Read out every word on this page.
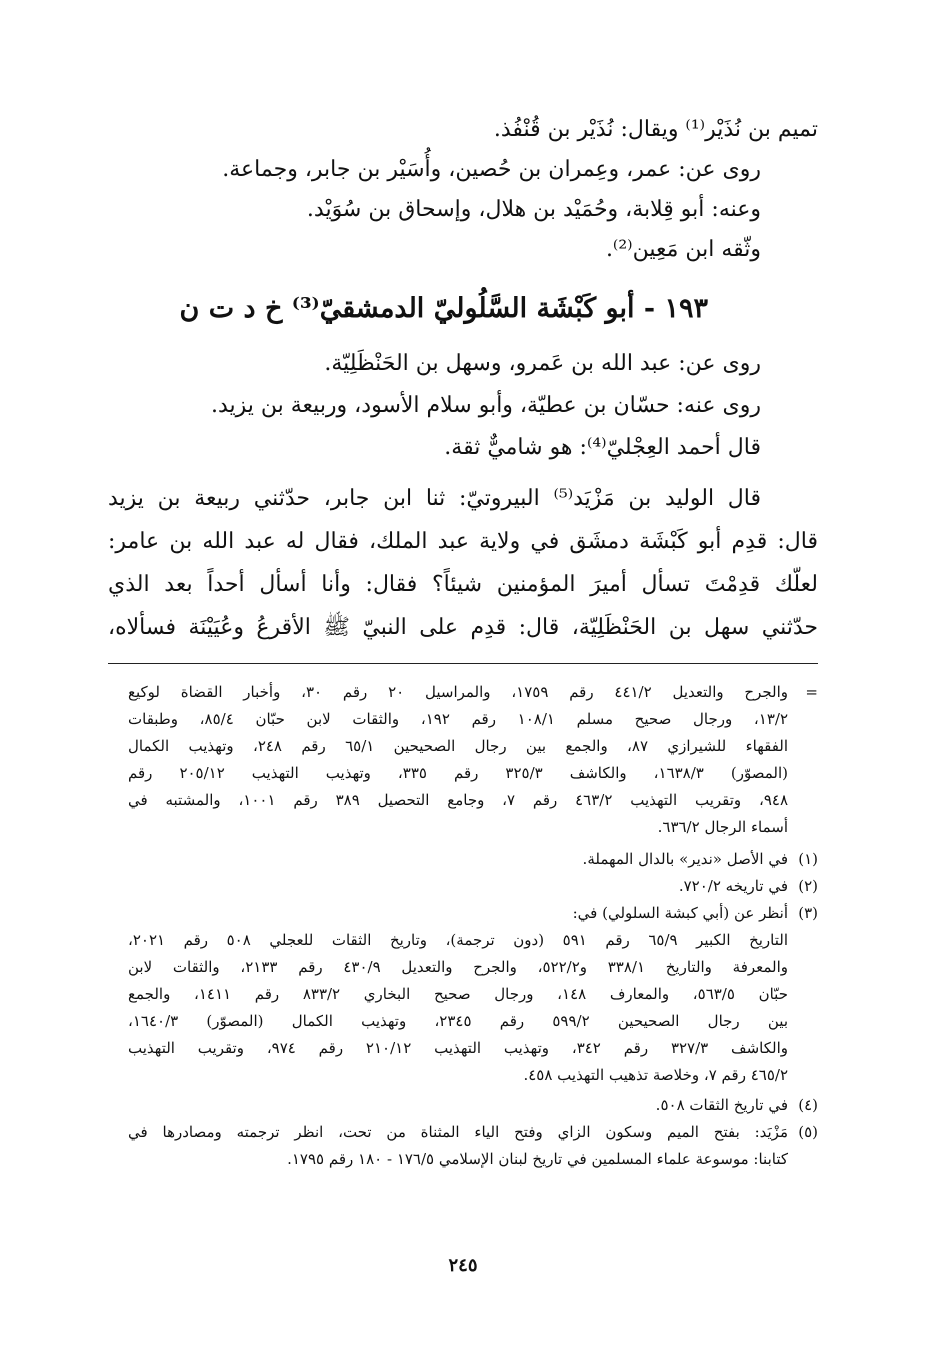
تميم بن نُذَيْر⁽¹⁾ ويقال: نُذَيْر بن قُنْفُذ.
روى عن: عمر، وعِمران بن حُصين، وأُسَيْر بن جابر، وجماعة.
وعنه: أبو قِلابة، وحُمَيْد بن هلال، وإسحاق بن سُوَيْد.
وثّقه ابن مَعِين⁽²⁾.
١٩٣ - أبو كَبْشَة السَّلُوليّ الدمشقيّ⁽³⁾ خ د ت ن
روى عن: عبد الله بن عَمرو، وسهل بن الحَنْظَلِيّة.
روى عنه: حسّان بن عطيّة، وأبو سلام الأسود، وربيعة بن يزيد.
قال أحمد العِجْليّ⁽⁴⁾: هو شاميٌّ ثقة.
قال الوليد بن مَزْيَد⁽⁵⁾ البيروتيّ: ثنا ابن جابر، حدّثني ربيعة بن يزيد
قال: قدِم أبو كَبْشَة دمشَق في ولاية عبد الملك، فقال له عبد الله بن عامر:
لعلّك قدِمْتَ تسأل أميرَ المؤمنين شيئاً؟ فقال: وأنا أسأل أحداً بعد الذي
حدّثني سهل بن الحَنْظَلِيّة، قال: قدِم على النبيّ ﷺ الأقرعُ وعُيَيْنَة فسألاه،
=
والجرح والتعديل ٤٤١/٢ رقم ١٧٥٩، والمراسيل ٢٠ رقم ٣٠، وأخبار القضاة لوكيع
١٣/٢، ورجال صحيح مسلم ١٠٨/١ رقم ١٩٢، والثقات لابن حبّان ٨٥/٤، وطبقات
الفقهاء للشيرازي ٨٧، والجمع بين رجال الصحيحين ٦٥/١ رقم ٢٤٨، وتهذيب الكمال
(المصوّر) ١٦٣٨/٣، والكاشف ٣٢٥/٣ رقم ٣٣٥، وتهذيب التهذيب ٢٠٥/١٢ رقم
٩٤٨، وتقريب التهذيب ٤٦٣/٢ رقم ٧، وجامع التحصيل ٣٨٩ رقم ١٠٠١، والمشتبه في
أسماء الرجال ٦٣٦/٢.
(١)في الأصل «ندير» بالدال المهملة.
(٢)في تاريخه ٧٢٠/٢.
(٣)أنظر عن (أبي كبشة السلولي) في:
التاريخ الكبير ٦٥/٩ رقم ٥٩١ (دون ترجمة)، وتاريخ الثقات للعجلي ٥٠٨ رقم ٢٠٢١،
والمعرفة والتاريخ ٣٣٨/١ و٥٢٢/٢، والجرح والتعديل ٤٣٠/٩ رقم ٢١٣٣، والثقات لابن
حبّان ٥٦٣/٥، والمعارف ١٤٨، ورجال صحيح البخاري ٨٣٣/٢ رقم ١٤١١، والجمع
بين رجال الصحيحين ٥٩٩/٢ رقم ٢٣٤٥، وتهذيب الكمال (المصوّر) ١٦٤٠/٣،
والكاشف ٣٢٧/٣ رقم ٣٤٢، وتهذيب التهذيب ٢١٠/١٢ رقم ٩٧٤، وتقريب التهذيب
٤٦٥/٢ رقم ٧، وخلاصة تذهيب التهذيب ٤٥٨.
(٤)في تاريخ الثقات ٥٠٨.
(٥)مَزْيَد: بفتح الميم وسكون الزاي وفتح الياء المثناة من تحت، انظر ترجمته ومصادرها في
كتابنا: موسوعة علماء المسلمين في تاريخ لبنان الإسلامي ١٧٦/٥ - ١٨٠ رقم ١٧٩٥.
٢٤٥
